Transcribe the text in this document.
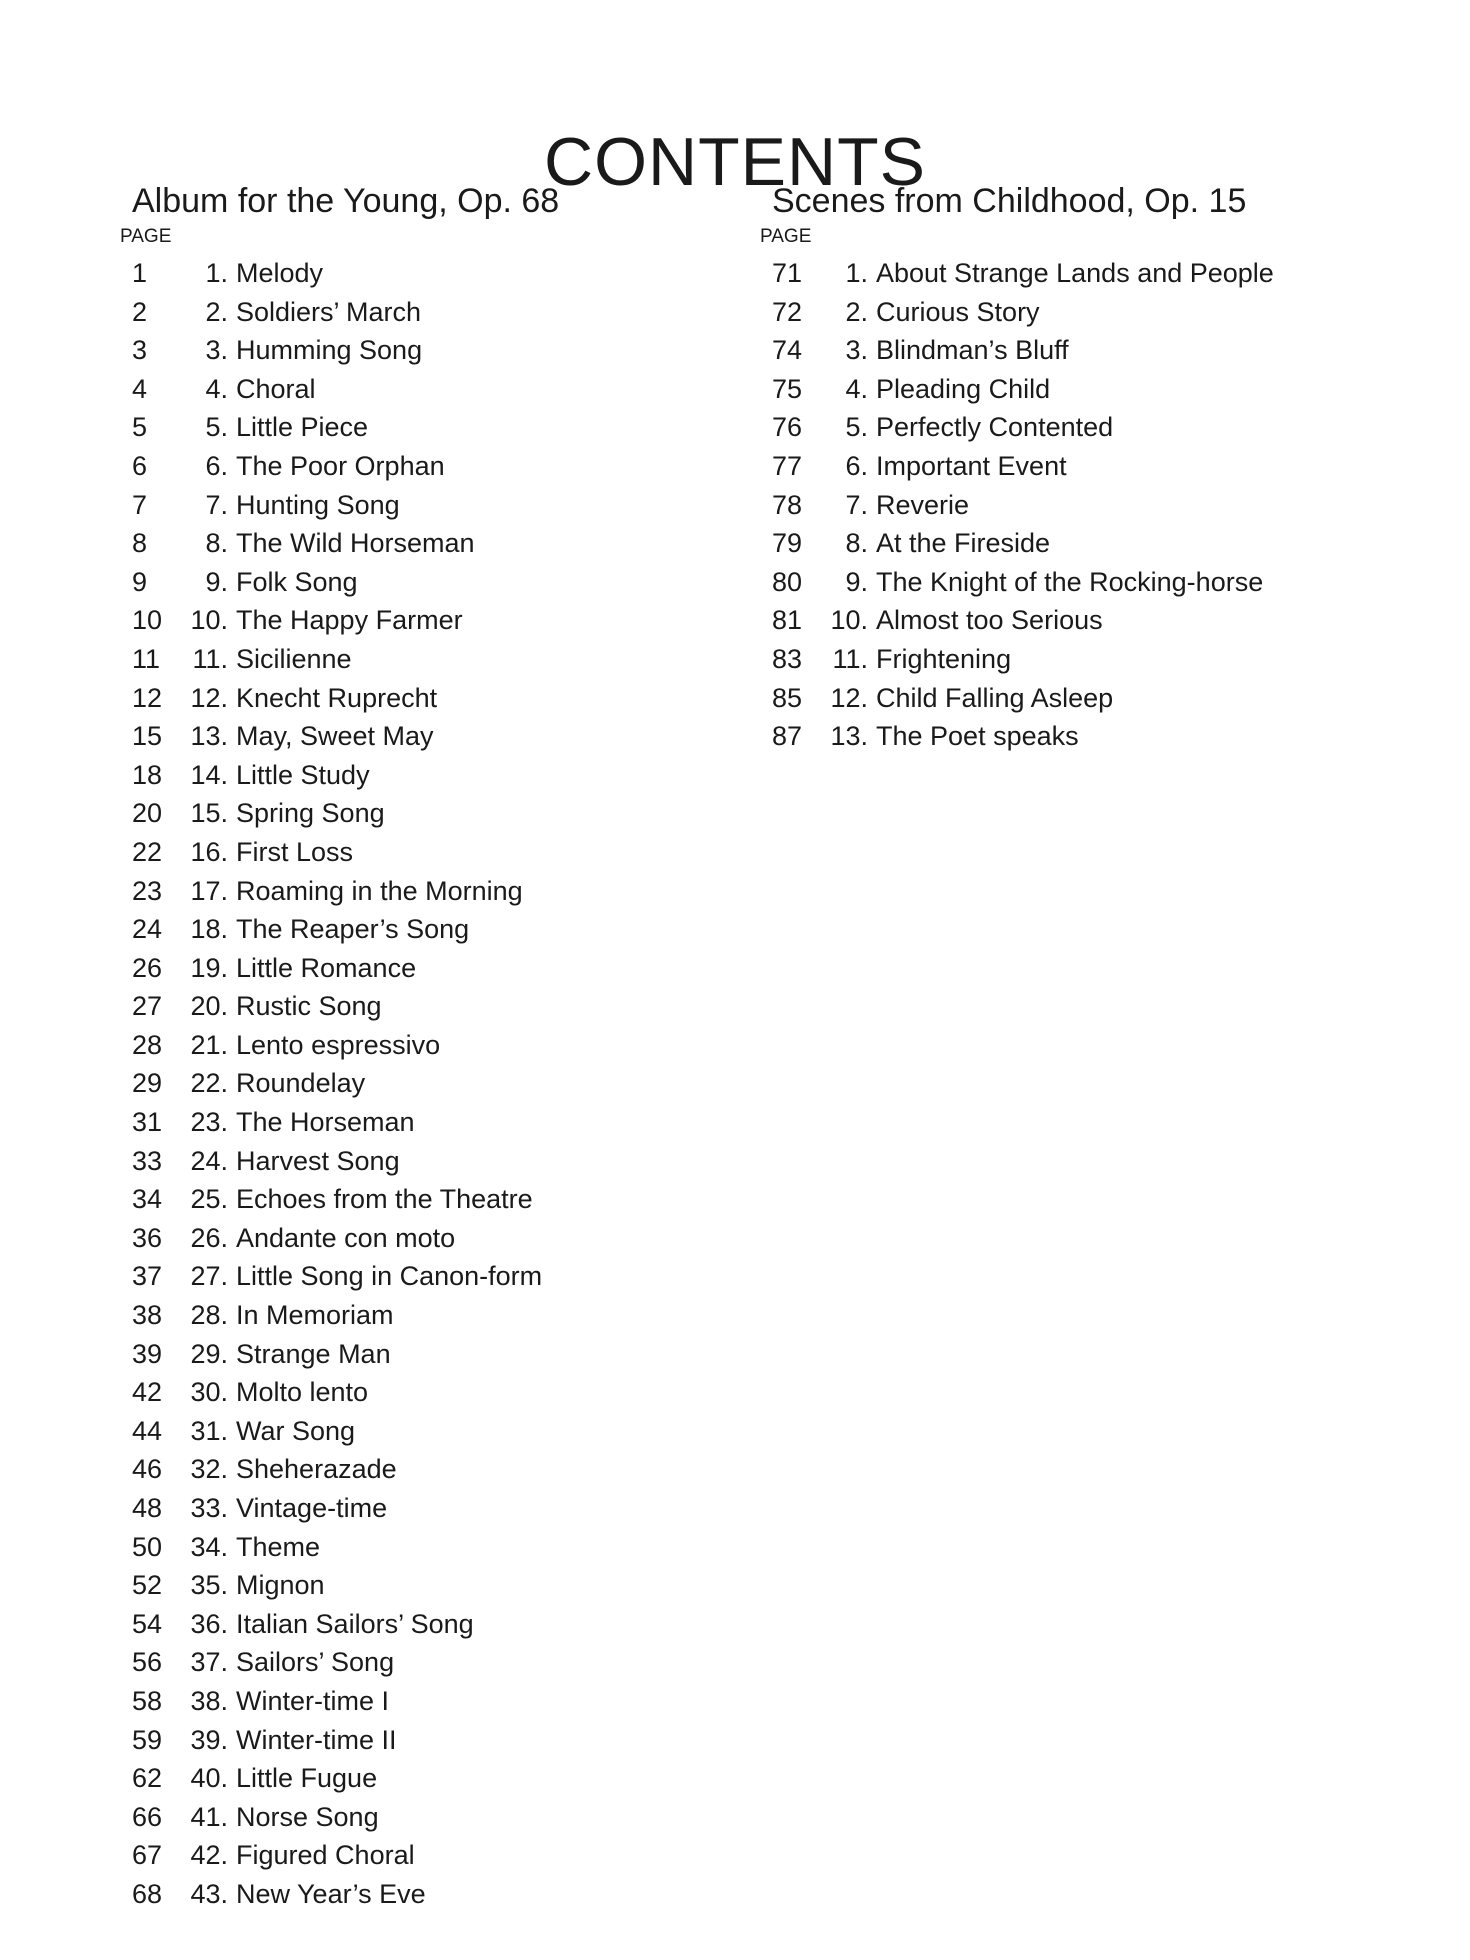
CONTENTS
Album for the Young, Op. 68
PAGE
1	1. Melody
2	2. Soldiers’ March
3	3. Humming Song
4	4. Choral
5	5. Little Piece
6	6. The Poor Orphan
7	7. Hunting Song
8	8. The Wild Horseman
9	9. Folk Song
10	10. The Happy Farmer
11	11. Sicilienne
12	12. Knecht Ruprecht
15	13. May, Sweet May
18	14. Little Study
20	15. Spring Song
22	16. First Loss
23	17. Roaming in the Morning
24	18. The Reaper’s Song
26	19. Little Romance
27	20. Rustic Song
28	21. Lento espressivo
29	22. Roundelay
31	23. The Horseman
33	24. Harvest Song
34	25. Echoes from the Theatre
36	26. Andante con moto
37	27. Little Song in Canon-form
38	28. In Memoriam
39	29. Strange Man
42	30. Molto lento
44	31. War Song
46	32. Sheherazade
48	33. Vintage-time
50	34. Theme
52	35. Mignon
54	36. Italian Sailors’ Song
56	37. Sailors’ Song
58	38. Winter-time I
59	39. Winter-time II
62	40. Little Fugue
66	41. Norse Song
67	42. Figured Choral
68	43. New Year’s Eve
Scenes from Childhood, Op. 15
PAGE
71	1. About Strange Lands and People
72	2. Curious Story
74	3. Blindman’s Bluff
75	4. Pleading Child
76	5. Perfectly Contented
77	6. Important Event
78	7. Reverie
79	8. At the Fireside
80	9. The Knight of the Rocking-horse
81	10. Almost too Serious
83	11. Frightening
85	12. Child Falling Asleep
87	13. The Poet speaks
